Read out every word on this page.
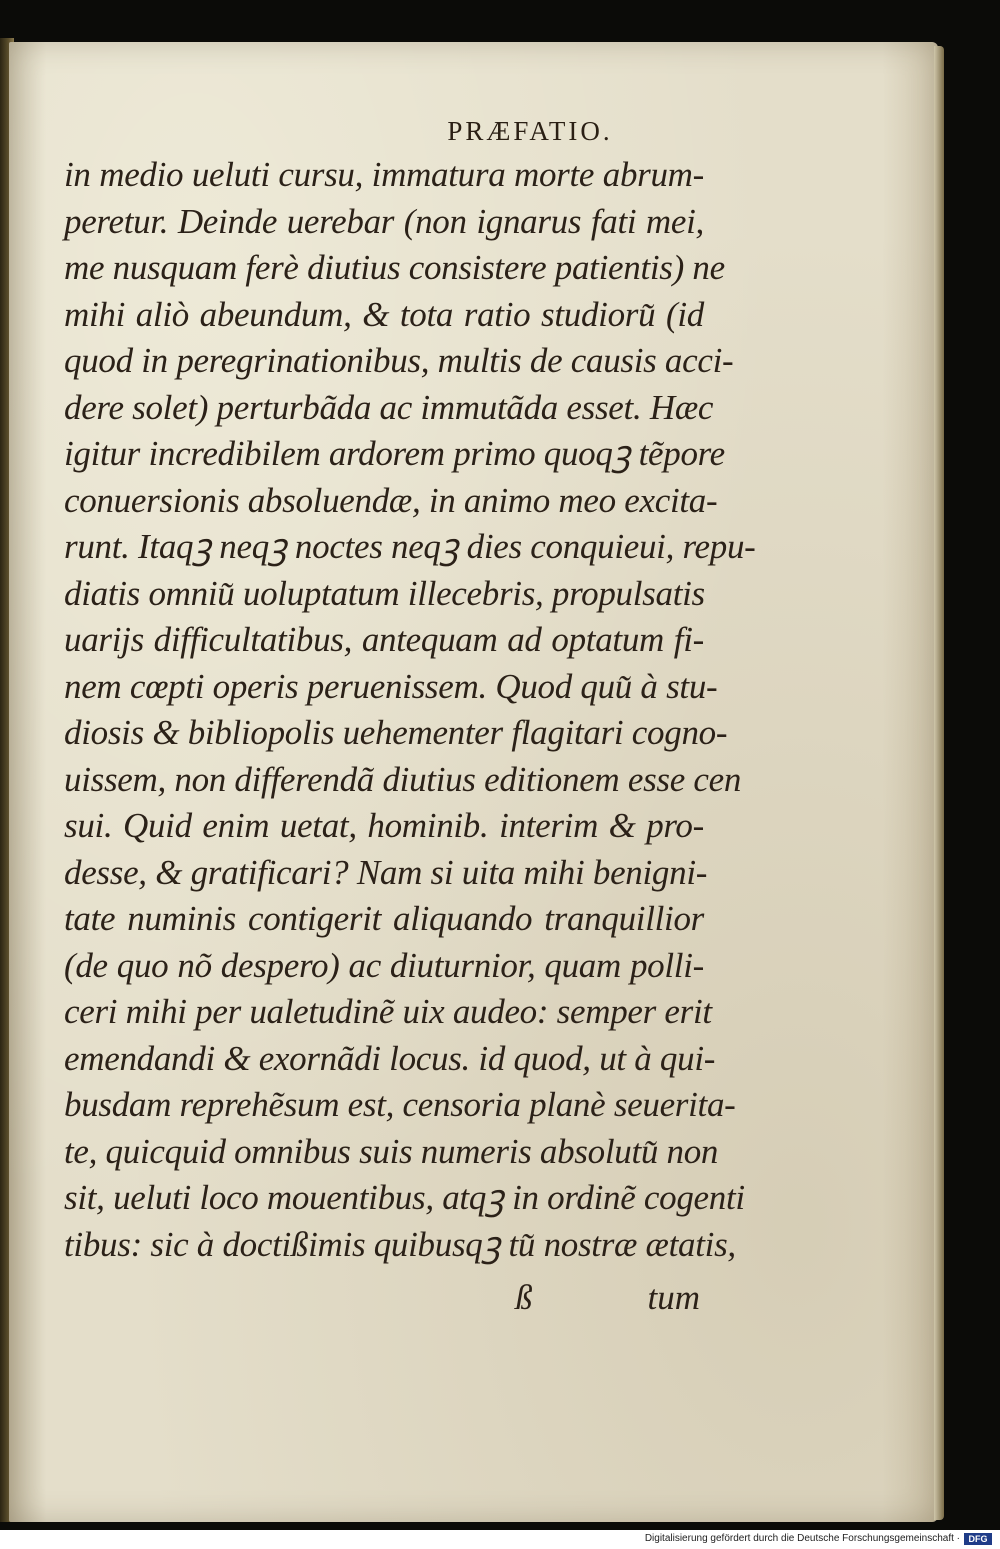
PRÆFATIO.
in medio ueluti cursu, immatura morte abrum-
peretur. Deinde uerebar (non ignarus fati mei,
me nusquam ferè diutius consistere patientis) ne
mihi aliò abeundum, & tota ratio studioru͂ (id
quod in peregrinationibus, multis de causis acci-
dere solet) perturbãda ac immutãda esset. Hæc
igitur incredibilem ardorem primo quoqꝫ tẽpore
conuersionis absoluendæ, in animo meo excita-
runt. Itaqꝫ neqꝫ noctes neqꝫ dies conquieui, repu-
diatis omniu͂ uoluptatum illecebris, propulsatis
uarijs difficultatibus, antequam ad optatum fi-
nem cœpti operis peruenissem. Quod quu͂ à stu-
diosis & bibliopolis uehementer flagitari cogno-
uissem, non differendã diutius editionem esse cen
sui. Quid enim uetat, hominib. interim & pro-
desse, & gratificari? Nam si uita mihi benigni-
tate numinis contigerit aliquando tranquillior
(de quo nõ despero) ac diuturnior, quam polli-
ceri mihi per ualetudinẽ uix audeo: semper erit
emendandi & exornãdi locus. id quod, ut à qui-
busdam reprehẽsum est, censoria planè seuerita-
te, quicquid omnibus suis numeris absolutu͂ non
sit, ueluti loco mouentibus, atqꝫ in ordinẽ cogenti
tibus: sic à doctißimis quibusqꝫ tu͂ nostræ ætatis,
ß	tum
Digitalisierung gefördert durch die Deutsche Forschungsgemeinschaft · DFG
